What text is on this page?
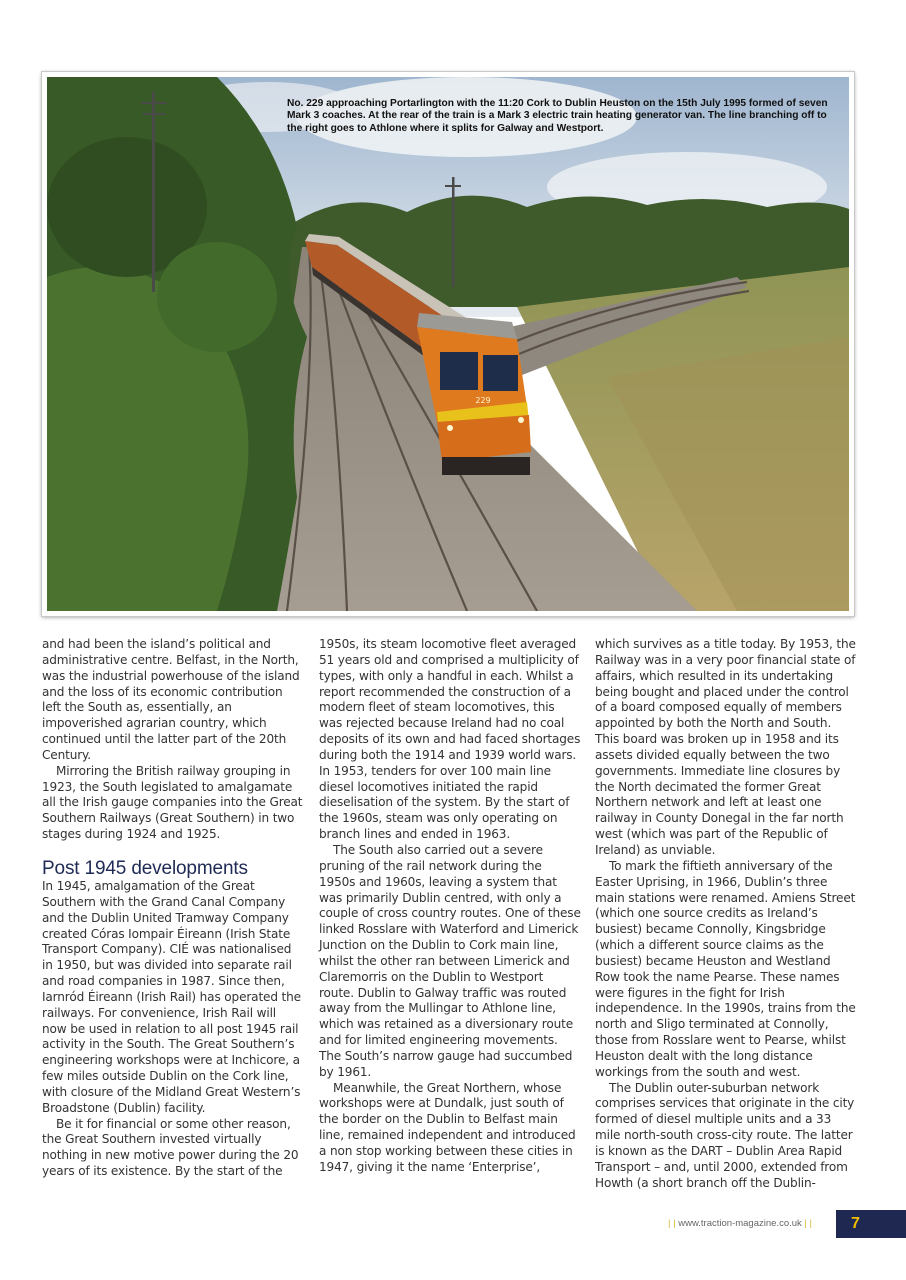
229
No. 229 approaching Portarlington with the 11:20 Cork to Dublin Heuston on the 15th July 1995 formed of seven Mark 3 coaches. At the rear of the train is a Mark 3 electric train heating generator van. The line branching off to the right goes to Athlone where it splits for Galway and Westport.

and had been the island’s political and administrative centre. Belfast, in the North, was the industrial powerhouse of the island and the loss of its economic contribution left the South as, essentially, an impoverished agrarian country, which continued until the latter part of the 20th Century.

Mirroring the British railway grouping in 1923, the South legislated to amalgamate all the Irish gauge companies into the Great Southern Railways (Great Southern) in two stages during 1924 and 1925.

Post 1945 developments

In 1945, amalgamation of the Great Southern with the Grand Canal Company and the Dublin United Tramway Company created Córas Iompair Éireann (Irish State Transport Company). CIÉ was nationalised in 1950, but was divided into separate rail and road companies in 1987. Since then, Iarnród Éireann (Irish Rail) has operated the railways. For convenience, Irish Rail will now be used in relation to all post 1945 rail activity in the South. The Great Southern’s engineering workshops were at Inchicore, a few miles outside Dublin on the Cork line, with closure of the Midland Great Western’s Broadstone (Dublin) facility.

Be it for financial or some other reason, the Great Southern invested virtually nothing in new motive power during the 20 years of its existence. By the start of the

1950s, its steam locomotive fleet averaged 51 years old and comprised a multiplicity of types, with only a handful in each. Whilst a report recommended the construction of a modern fleet of steam locomotives, this was rejected because Ireland had no coal deposits of its own and had faced shortages during both the 1914 and 1939 world wars. In 1953, tenders for over 100 main line diesel locomotives initiated the rapid dieselisation of the system. By the start of the 1960s, steam was only operating on branch lines and ended in 1963.

The South also carried out a severe pruning of the rail network during the 1950s and 1960s, leaving a system that was primarily Dublin centred, with only a couple of cross country routes. One of these linked Rosslare with Waterford and Limerick Junction on the Dublin to Cork main line, whilst the other ran between Limerick and Claremorris on the Dublin to Westport route. Dublin to Galway traffic was routed away from the Mullingar to Athlone line, which was retained as a diversionary route and for limited engineering movements. The South’s narrow gauge had succumbed by 1961.

Meanwhile, the Great Northern, whose workshops were at Dundalk, just south of the border on the Dublin to Belfast main line, remained independent and introduced a non stop working between these cities in 1947, giving it the name ‘Enterprise’,

which survives as a title today. By 1953, the Railway was in a very poor financial state of affairs, which resulted in its undertaking being bought and placed under the control of a board composed equally of members appointed by both the North and South. This board was broken up in 1958 and its assets divided equally between the two governments. Immediate line closures by the North decimated the former Great Northern network and left at least one railway in County Donegal in the far north west (which was part of the Republic of Ireland) as unviable.

To mark the fiftieth anniversary of the Easter Uprising, in 1966, Dublin’s three main stations were renamed. Amiens Street (which one source credits as Ireland’s busiest) became Connolly, Kingsbridge (which a different source claims as the busiest) became Heuston and Westland Row took the name Pearse. These names were figures in the fight for Irish independence. In the 1990s, trains from the north and Sligo terminated at Connolly, those from Rosslare went to Pearse, whilst Heuston dealt with the long distance workings from the south and west.

The Dublin outer-suburban network comprises services that originate in the city formed of diesel multiple units and a 33 mile north-south cross-city route. The latter is known as the DART – Dublin Area Rapid Transport – and, until 2000, extended from Howth (a short branch off the Dublin-

| | www.traction-magazine.co.uk | |	7
